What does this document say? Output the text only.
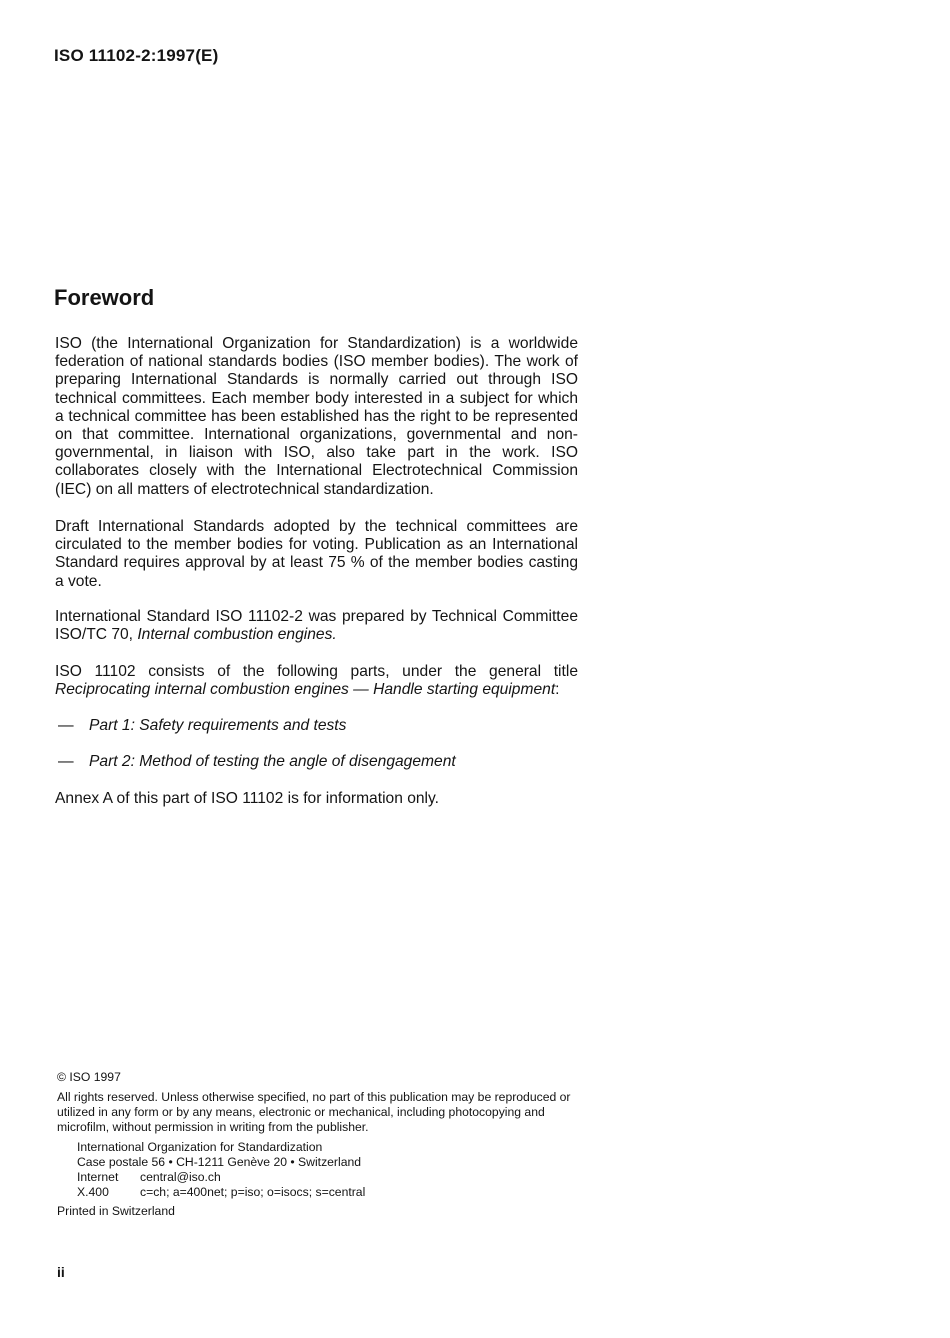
ISO 11102-2:1997(E)
Foreword

ISO (the International Organization for Standardization) is a worldwide federation of national standards bodies (ISO member bodies). The work of preparing International Standards is normally carried out through ISO technical committees. Each member body interested in a subject for which a technical committee has been established has the right to be represented on that committee. International organizations, governmental and non-governmental, in liaison with ISO, also take part in the work. ISO collaborates closely with the International Electrotechnical Commission (IEC) on all matters of electrotechnical standardization.

Draft International Standards adopted by the technical committees are circulated to the member bodies for voting. Publication as an International Standard requires approval by at least 75 % of the member bodies casting a vote.

International Standard ISO 11102-2 was prepared by Technical Committee ISO/TC 70, Internal combustion engines.

ISO 11102 consists of the following parts, under the general title Reciprocating internal combustion engines — Handle starting equipment:

— Part 1: Safety requirements and tests
— Part 2: Method of testing the angle of disengagement

Annex A of this part of ISO 11102 is for information only.

© ISO 1997

All rights reserved. Unless otherwise specified, no part of this publication may be reproduced or utilized in any form or by any means, electronic or mechanical, including photocopying and microfilm, without permission in writing from the publisher.

International Organization for Standardization
Case postale 56 • CH-1211 Genève 20 • Switzerland
Internet central@iso.ch
X.400	c=ch; a=400net; p=iso; o=isocs; s=central
Printed in Switzerland
ii
